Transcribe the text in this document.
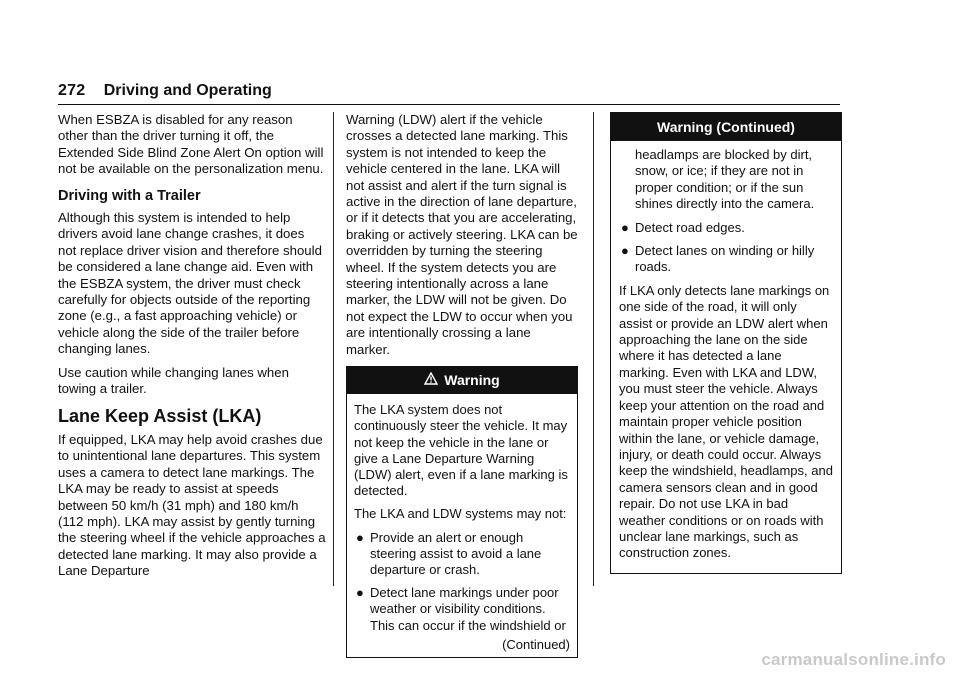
272 Driving and Operating

When ESBZA is disabled for any reason other than the driver turning it off, the Extended Side Blind Zone Alert On option will not be available on the personalization menu.

Driving with a Trailer

Although this system is intended to help drivers avoid lane change crashes, it does not replace driver vision and therefore should be considered a lane change aid. Even with the ESBZA system, the driver must check carefully for objects outside of the reporting zone (e.g., a fast approaching vehicle) or vehicle along the side of the trailer before changing lanes.

Use caution while changing lanes when towing a trailer.

Lane Keep Assist (LKA)

If equipped, LKA may help avoid crashes due to unintentional lane departures. This system uses a camera to detect lane markings. The LKA may be ready to assist at speeds between 50 km/h (31 mph) and 180 km/h (112 mph). LKA may assist by gently turning the steering wheel if the vehicle approaches a detected lane marking. It may also provide a Lane Departure

Warning (LDW) alert if the vehicle crosses a detected lane marking. This system is not intended to keep the vehicle centered in the lane. LKA will not assist and alert if the turn signal is active in the direction of lane departure, or if it detects that you are accelerating, braking or actively steering. LKA can be overridden by turning the steering wheel. If the system detects you are steering intentionally across a lane marker, the LDW will not be given. Do not expect the LDW to occur when you are intentionally crossing a lane marker.

Warning

The LKA system does not continuously steer the vehicle. It may not keep the vehicle in the lane or give a Lane Departure Warning (LDW) alert, even if a lane marking is detected.

The LKA and LDW systems may not:

● Provide an alert or enough steering assist to avoid a lane departure or crash.
● Detect lane markings under poor weather or visibility conditions. This can occur if the windshield or
(Continued)
Warning (Continued)

headlamps are blocked by dirt, snow, or ice; if they are not in proper condition; or if the sun shines directly into the camera.

● Detect road edges.
● Detect lanes on winding or hilly roads.

If LKA only detects lane markings on one side of the road, it will only assist or provide an LDW alert when approaching the lane on the side where it has detected a lane marking. Even with LKA and LDW, you must steer the vehicle. Always keep your attention on the road and maintain proper vehicle position within the lane, or vehicle damage, injury, or death could occur. Always keep the windshield, headlamps, and camera sensors clean and in good repair. Do not use LKA in bad weather conditions or on roads with unclear lane markings, such as construction zones.

carmanualsonline.info
